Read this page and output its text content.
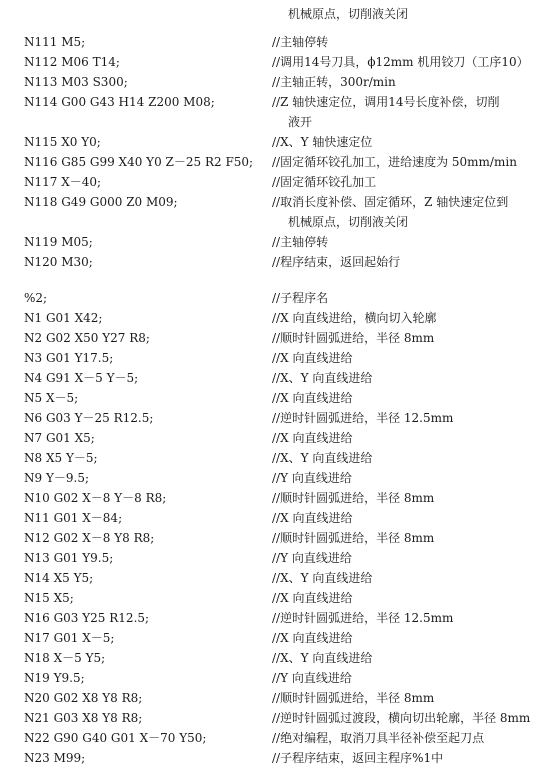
机械原点，切削液关闭
N111 M5;	//主轴停转
N112 M06 T14;	//调用14号刀具，ϕ12mm 机用铰刀（工序10）
N113 M03 S300;	//主轴正转，300r/min
N114 G00 G43 H14 Z200 M08;	//Z 轴快速定位，调用14号长度补偿，切削
液开
N115 X0 Y0;	//X、Y 轴快速定位
N116 G85 G99 X40 Y0 Z－25 R2 F50; //固定循环铰孔加工，进给速度为 50mm/min
N117 X－40;	//固定循环铰孔加工
N118 G49 G000 Z0 M09;	//取消长度补偿、固定循环，Z 轴快速定位到
机械原点，切削液关闭
N119 M05;	//主轴停转
N120 M30;	//程序结束，返回起始行
%2;	//子程序名
N1 G01 X42;	//X 向直线进给，横向切入轮廓
N2 G02 X50 Y27 R8;	//顺时针圆弧进给，半径 8mm
N3 G01 Y17.5;	//X 向直线进给
N4 G91 X－5 Y－5;	//X、Y 向直线进给
N5 X－5;	//X 向直线进给
N6 G03 Y－25 R12.5;	//逆时针圆弧进给，半径 12.5mm
N7 G01 X5;	//X 向直线进给
N8 X5 Y－5;	//X、Y 向直线进给
N9 Y－9.5;	//Y 向直线进给
N10 G02 X－8 Y－8 R8;	//顺时针圆弧进给，半径 8mm
N11 G01 X－84;	//X 向直线进给
N12 G02 X－8 Y8 R8;	//顺时针圆弧进给，半径 8mm
N13 G01 Y9.5;	//Y 向直线进给
N14 X5 Y5;	//X、Y 向直线进给
N15 X5;	//X 向直线进给
N16 G03 Y25 R12.5;	//逆时针圆弧进给，半径 12.5mm
N17 G01 X－5;	//X 向直线进给
N18 X－5 Y5;	//X、Y 向直线进给
N19 Y9.5;	//Y 向直线进给
N20 G02 X8 Y8 R8;	//顺时针圆弧进给，半径 8mm
N21 G03 X8 Y8 R8;	//逆时针圆弧过渡段，横向切出轮廓，半径 8mm
N22 G90 G40 G01 X－70 Y50;	//绝对编程，取消刀具半径补偿至起刀点
N23 M99;	//子程序结束，返回主程序%1中
